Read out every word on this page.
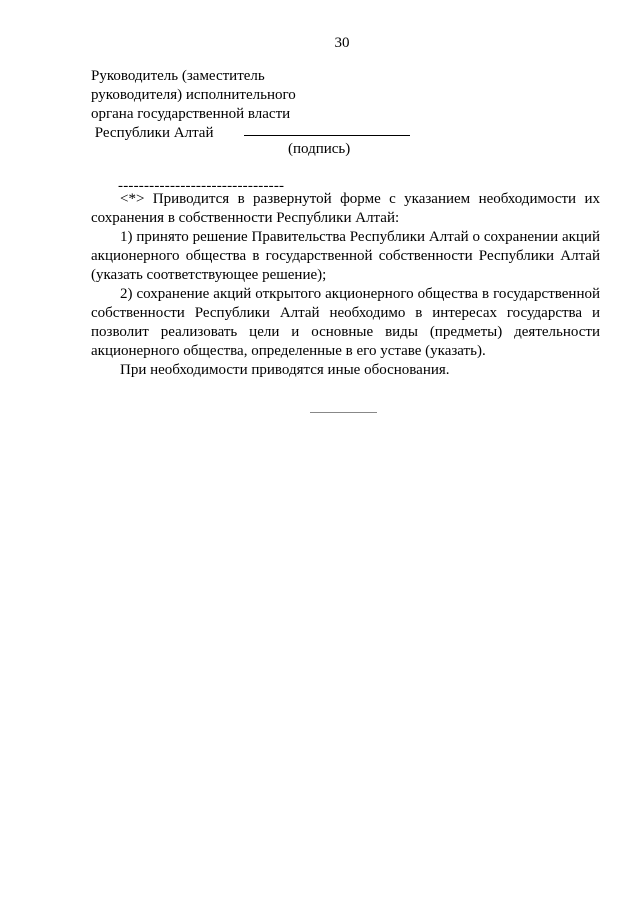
30
Руководитель (заместитель
руководителя) исполнительного
органа государственной власти
Республики Алтай
(подпись)
--------------------------------

<*> Приводится в развернутой форме с указанием необходимости их сохранения в собственности Республики Алтай:

1) принято решение Правительства Республики Алтай о сохранении акций акционерного общества в государственной собственности Республики Алтай (указать соответствующее решение);

2) сохранение акций открытого акционерного общества в государственной собственности Республики Алтай необходимо в интересах государства и позволит реализовать цели и основные виды (предметы) деятельности акционерного общества, определенные в его уставе (указать).

При необходимости приводятся иные обоснования.
